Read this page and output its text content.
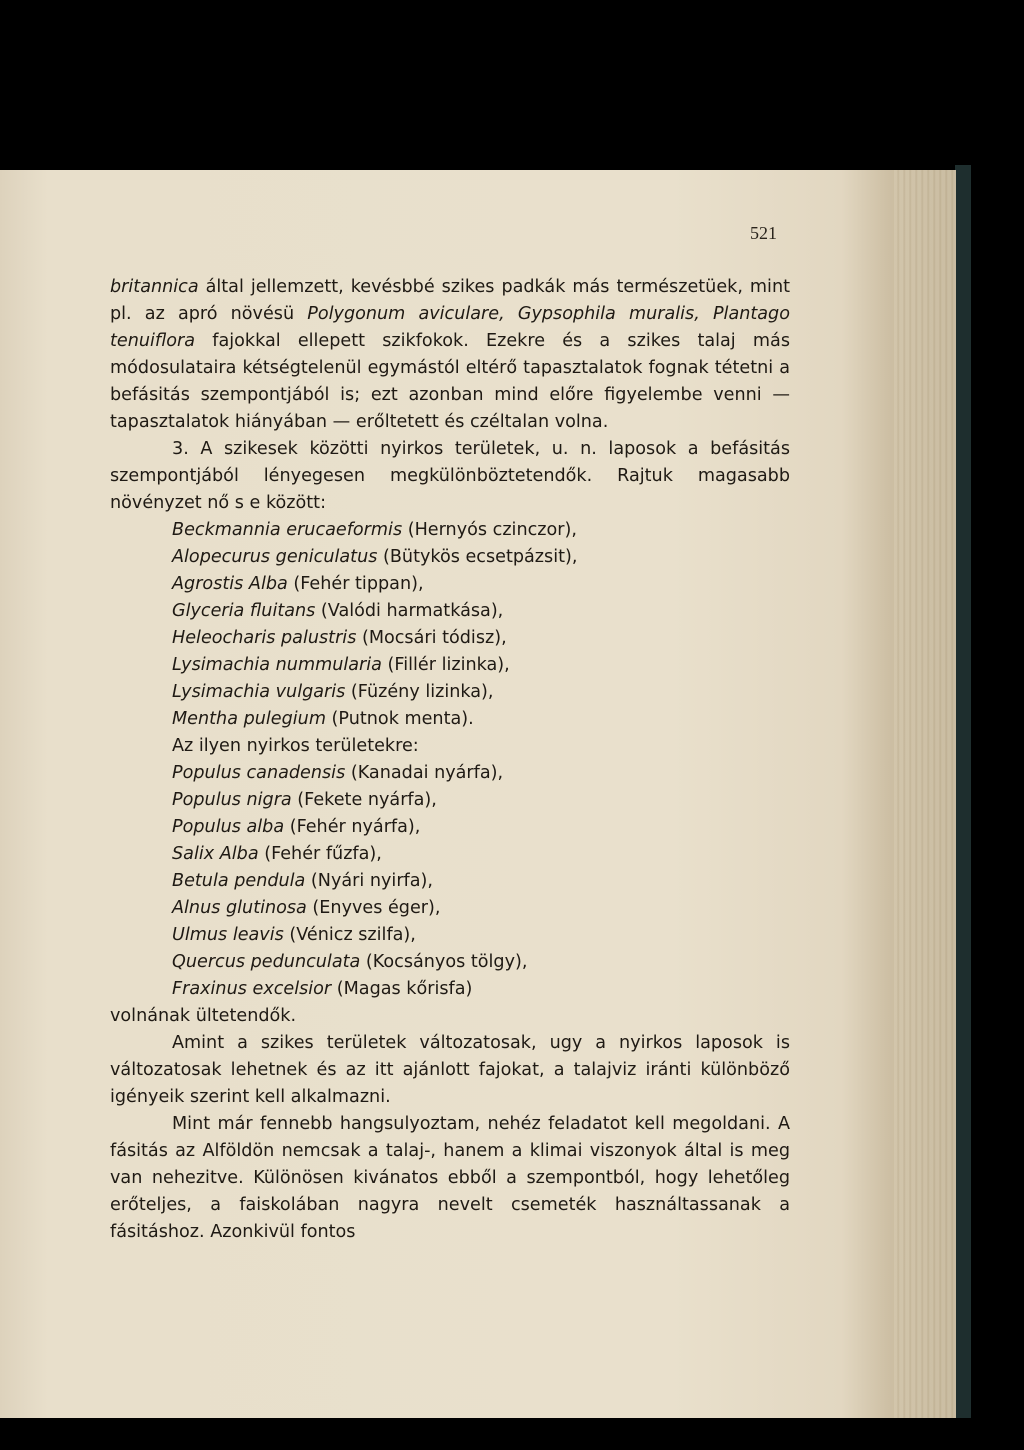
521

britannica által jellemzett, kevésbbé szikes padkák más természetüek, mint pl. az apró növésü Polygonum aviculare, Gypsophila muralis, Plantago tenuiflora fajokkal ellepett szikfokok. Ezekre és a szikes talaj más módosulataira kétségtelenül egymástól eltérő tapasztalatok fognak tétetni a befásitás szempontjából is; ezt azonban mind előre figyelembe venni — tapasztalatok hiányában — erőltetett és czéltalan volna.

3. A szikesek közötti nyirkos területek, u. n. laposok a befásitás szempontjából lényegesen megkülönböztetendők. Rajtuk magasabb növényzet nő s e között:

Beckmannia erucaeformis (Hernyós czinczor),
Alopecurus geniculatus (Bütykös ecsetpázsit),
Agrostis Alba (Fehér tippan),
Glyceria fluitans (Valódi harmatkása),
Heleocharis palustris (Mocsári tódisz),
Lysimachia nummularia (Fillér lizinka),
Lysimachia vulgaris (Füzény lizinka),
Mentha pulegium (Putnok menta).

Az ilyen nyirkos területekre:

Populus canadensis (Kanadai nyárfa),
Populus nigra (Fekete nyárfa),
Populus alba (Fehér nyárfa),
Salix Alba (Fehér fűzfa),
Betula pendula (Nyári nyirfa),
Alnus glutinosa (Enyves éger),
Ulmus leavis (Vénicz szilfa),
Quercus pedunculata (Kocsányos tölgy),
Fraxinus excelsior (Magas kőrisfa)

volnának ültetendők.

Amint a szikes területek változatosak, ugy a nyirkos laposok is változatosak lehetnek és az itt ajánlott fajokat, a talajviz iránti különböző igényeik szerint kell alkalmazni.

Mint már fennebb hangsulyoztam, nehéz feladatot kell megoldani. A fásitás az Alföldön nemcsak a talaj-, hanem a klimai viszonyok által is meg van nehezitve. Különösen kivánatos ebből a szempontból, hogy lehetőleg erőteljes, a faiskolában nagyra nevelt csemeték használtassanak a fásitáshoz. Azonkivül fontos
